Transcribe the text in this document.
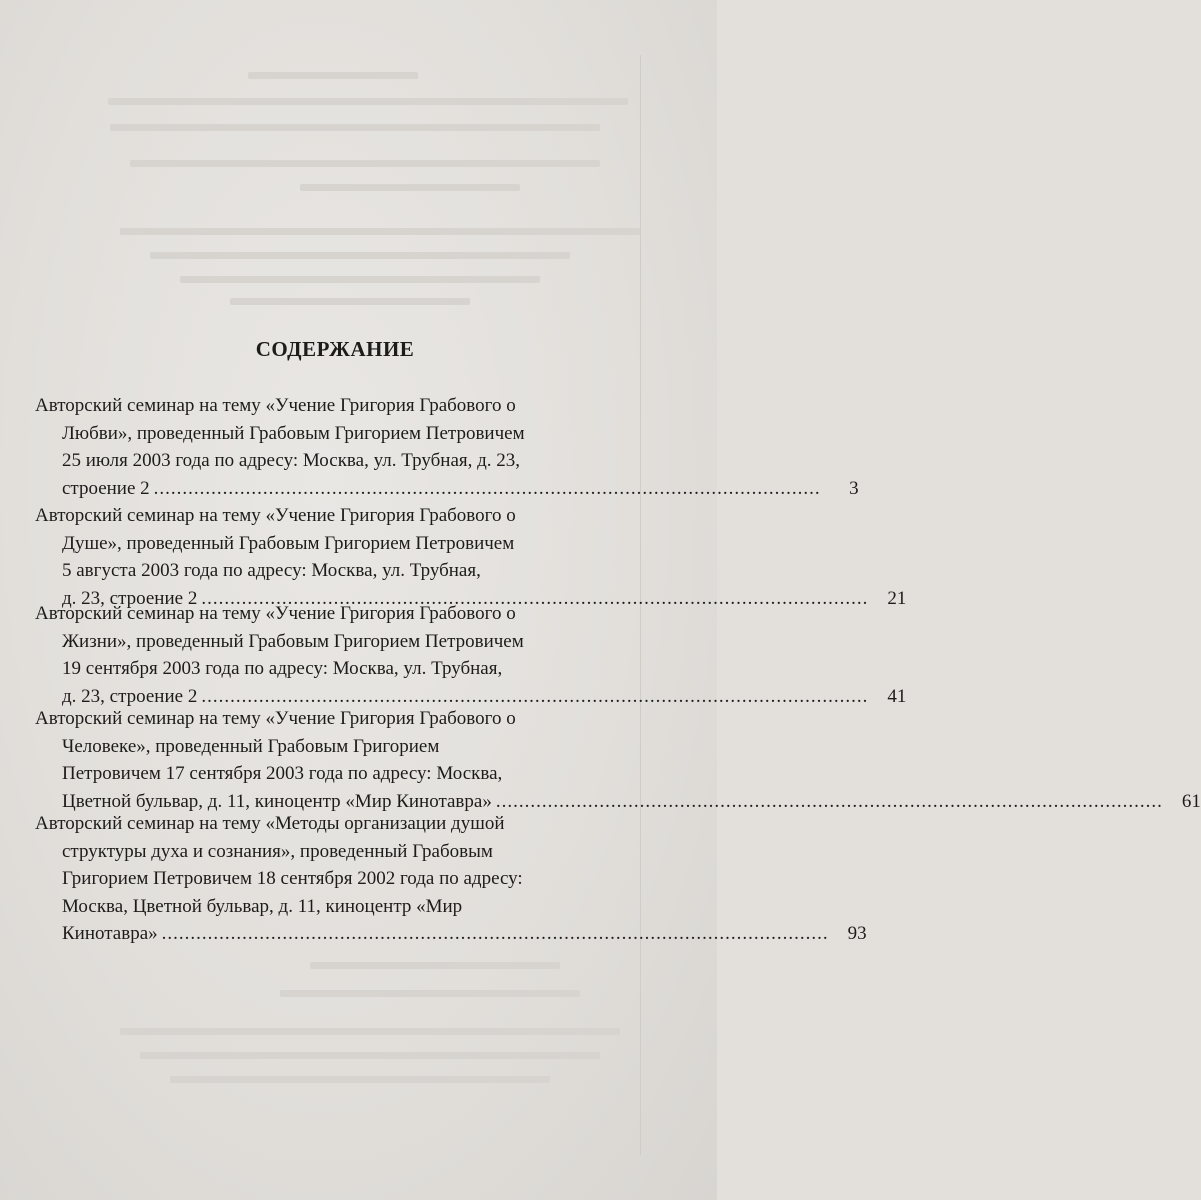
СОДЕРЖАНИЕ
Авторский семинар на тему «Учение Григория Грабового о
Любви», проведенный Грабовым Григорием Петровичем
25 июля 2003 года по адресу: Москва, ул. Трубная, д. 23,
строение 2 ....................................................................................................................	3
Авторский семинар на тему «Учение Григория Грабового о
Душе», проведенный Грабовым Григорием Петровичем
5 августа 2003 года по адресу: Москва, ул. Трубная,
д. 23, строение 2 ....................................................................................................................	21
Авторский семинар на тему «Учение Григория Грабового о
Жизни», проведенный Грабовым Григорием Петровичем
19 сентября 2003 года по адресу: Москва, ул. Трубная,
д. 23, строение 2 ....................................................................................................................	41
Авторский семинар на тему «Учение Григория Грабового о
Человеке», проведенный Грабовым Григорием
Петровичем 17 сентября 2003 года по адресу: Москва,
Цветной бульвар, д. 11, киноцентр «Мир Кинотавра» ....................................................................................................................	61
Авторский семинар на тему «Методы организации душой
структуры духа и сознания», проведенный Грабовым
Григорием Петровичем 18 сентября 2002 года по адресу:
Москва, Цветной бульвар, д. 11, киноцентр «Мир
Кинотавра» ....................................................................................................................	93
